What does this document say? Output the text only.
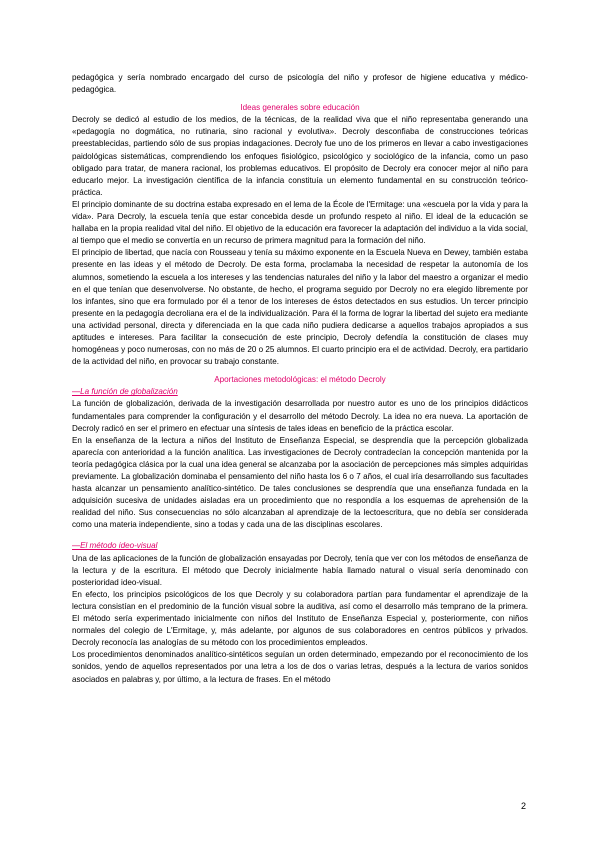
pedagógica y sería nombrado encargado del curso de psicología del niño y profesor de higiene educativa y médico-pedagógica.

Ideas generales sobre educación

Decroly se dedicó al estudio de los medios, de la técnicas, de la realidad viva que el niño representaba generando una «pedagogía no dogmática, no rutinaria, sino racional y evolutiva». Decroly desconfiaba de construcciones teóricas preestablecidas, partiendo sólo de sus propias indagaciones. Decroly fue uno de los primeros en llevar a cabo investigaciones paidológicas sistemáticas, comprendiendo los enfoques fisiológico, psicológico y sociológico de la infancia, como un paso obligado para tratar, de manera racional, los problemas educativos. El propósito de Decroly era conocer mejor al niño para educarlo mejor. La investigación científica de la infancia constituía un elemento fundamental en su construcción teórico-práctica.

El principio dominante de su doctrina estaba expresado en el lema de la École de l'Ermitage: una «escuela por la vida y para la vida». Para Decroly, la escuela tenía que estar concebida desde un profundo respeto al niño. El ideal de la educación se hallaba en la propia realidad vital del niño. El objetivo de la educación era favorecer la adaptación del individuo a la vida social, al tiempo que el medio se convertía en un recurso de primera magnitud para la formación del niño.

El principio de libertad, que nacía con Rousseau y tenía su máximo exponente en la Escuela Nueva en Dewey, también estaba presente en las ideas y el método de Decroly. De esta forma, proclamaba la necesidad de respetar la autonomía de los alumnos, sometiendo la escuela a los intereses y las tendencias naturales del niño y la labor del maestro a organizar el medio en el que tenían que desenvolverse. No obstante, de hecho, el programa seguido por Decroly no era elegido libremente por los infantes, sino que era formulado por él a tenor de los intereses de éstos detectados en sus estudios. Un tercer principio presente en la pedagogía decroliana era el de la individualización. Para él la forma de lograr la libertad del sujeto era mediante una actividad personal, directa y diferenciada en la que cada niño pudiera dedicarse a aquellos trabajos apropiados a sus aptitudes e intereses. Para facilitar la consecución de este principio, Decroly defendía la constitución de clases muy homogéneas y poco numerosas, con no más de 20 o 25 alumnos. El cuarto principio era el de actividad. Decroly, era partidario de la actividad del niño, en provocar su trabajo constante.

Aportaciones metodológicas: el método Decroly
—La función de globalización

La función de globalización, derivada de la investigación desarrollada por nuestro autor es uno de los principios didácticos fundamentales para comprender la configuración y el desarrollo del método Decroly. La idea no era nueva. La aportación de Decroly radicó en ser el primero en efectuar una síntesis de tales ideas en beneficio de la práctica escolar.

En la enseñanza de la lectura a niños del Instituto de Enseñanza Especial, se desprendía que la percepción globalizada aparecía con anterioridad a la función analítica. Las investigaciones de Decroly contradecían la concepción mantenida por la teoría pedagógica clásica por la cual una idea general se alcanzaba por la asociación de percepciones más simples adquiridas previamente. La globalización dominaba el pensamiento del niño hasta los 6 o 7 años, el cual iría desarrollando sus facultades hasta alcanzar un pensamiento analítico-sintético. De tales conclusiones se desprendía que una enseñanza fundada en la adquisición sucesiva de unidades aisladas era un procedimiento que no respondía a los esquemas de aprehensión de la realidad del niño. Sus consecuencias no sólo alcanzaban al aprendizaje de la lectoescritura, que no debía ser considerada como una materia independiente, sino a todas y cada una de las disciplinas escolares.

—El método ideo-visual

Una de las aplicaciones de la función de globalización ensayadas por Decroly, tenía que ver con los métodos de enseñanza de la lectura y de la escritura. El método que Decroly inicialmente había llamado natural o visual sería denominado con posterioridad ideo-visual.

En efecto, los principios psicológicos de los que Decroly y su colaboradora partían para fundamentar el aprendizaje de la lectura consistían en el predominio de la función visual sobre la auditiva, así como el desarrollo más temprano de la primera. El método sería experimentado inicialmente con niños del Instituto de Enseñanza Especial y, posteriormente, con niños normales del colegio de L'Ermitage, y, más adelante, por algunos de sus colaboradores en centros públicos y privados. Decroly reconocía las analogías de su método con los procedimientos empleados.

Los procedimientos denominados analítico-sintéticos seguían un orden determinado, empezando por el reconocimiento de los sonidos, yendo de aquellos representados por una letra a los de dos o varias letras, después a la lectura de varios sonidos asociados en palabras y, por último, a la lectura de frases. En el método

2
